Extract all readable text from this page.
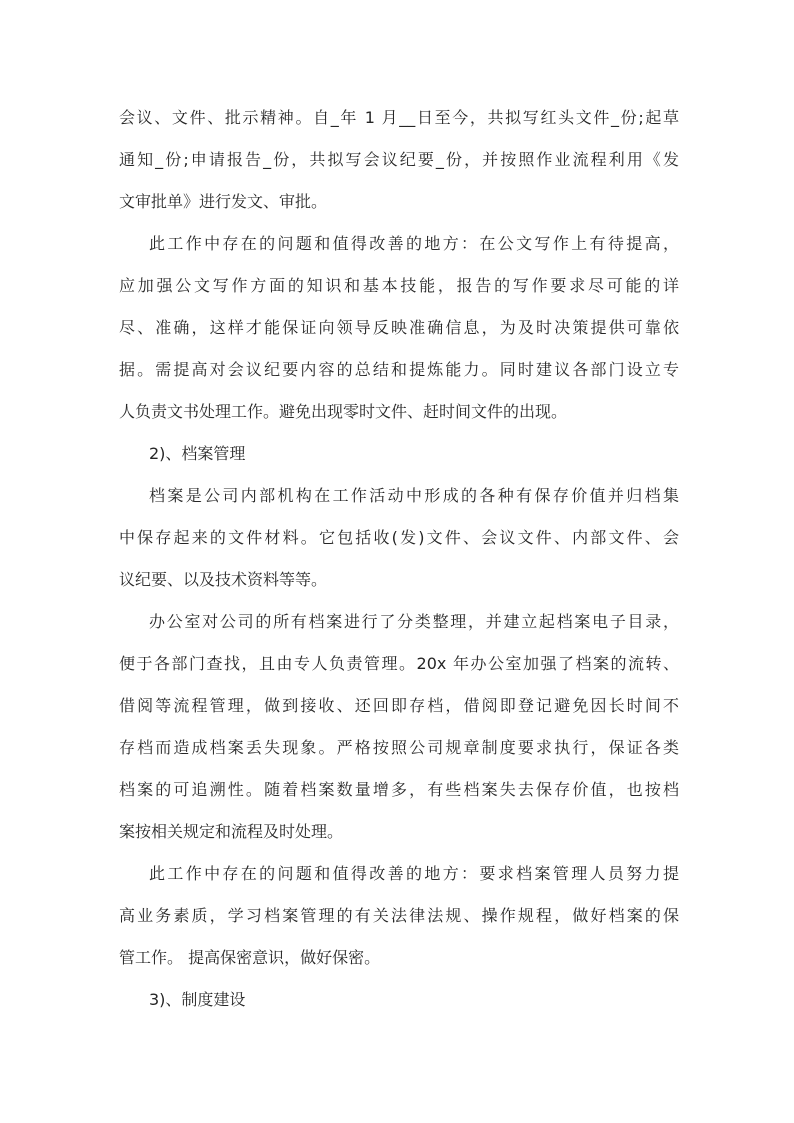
会议、文件、批示精神。自_年 1 月__日至今，共拟写红头文件_份;起草
通知_份;申请报告_份，共拟写会议纪要_份，并按照作业流程利用《发
文审批单》进行发文、审批。
此工作中存在的问题和值得改善的地方：在公文写作上有待提高，
应加强公文写作方面的知识和基本技能，报告的写作要求尽可能的详
尽、准确，这样才能保证向领导反映准确信息，为及时决策提供可靠依
据。需提高对会议纪要内容的总结和提炼能力。同时建议各部门设立专
人负责文书处理工作。避免出现零时文件、赶时间文件的出现。
2)、档案管理
档案是公司内部机构在工作活动中形成的各种有保存价值并归档集
中保存起来的文件材料。它包括收(发)文件、会议文件、内部文件、会
议纪要、以及技术资料等等。
办公室对公司的所有档案进行了分类整理，并建立起档案电子目录，
便于各部门查找，且由专人负责管理。20x 年办公室加强了档案的流转、
借阅等流程管理，做到接收、还回即存档，借阅即登记避免因长时间不
存档而造成档案丢失现象。严格按照公司规章制度要求执行，保证各类
档案的可追溯性。随着档案数量增多，有些档案失去保存价值，也按档
案按相关规定和流程及时处理。
此工作中存在的问题和值得改善的地方：要求档案管理人员努力提
高业务素质，学习档案管理的有关法律法规、操作规程，做好档案的保
管工作。 提高保密意识，做好保密。
3)、制度建设
